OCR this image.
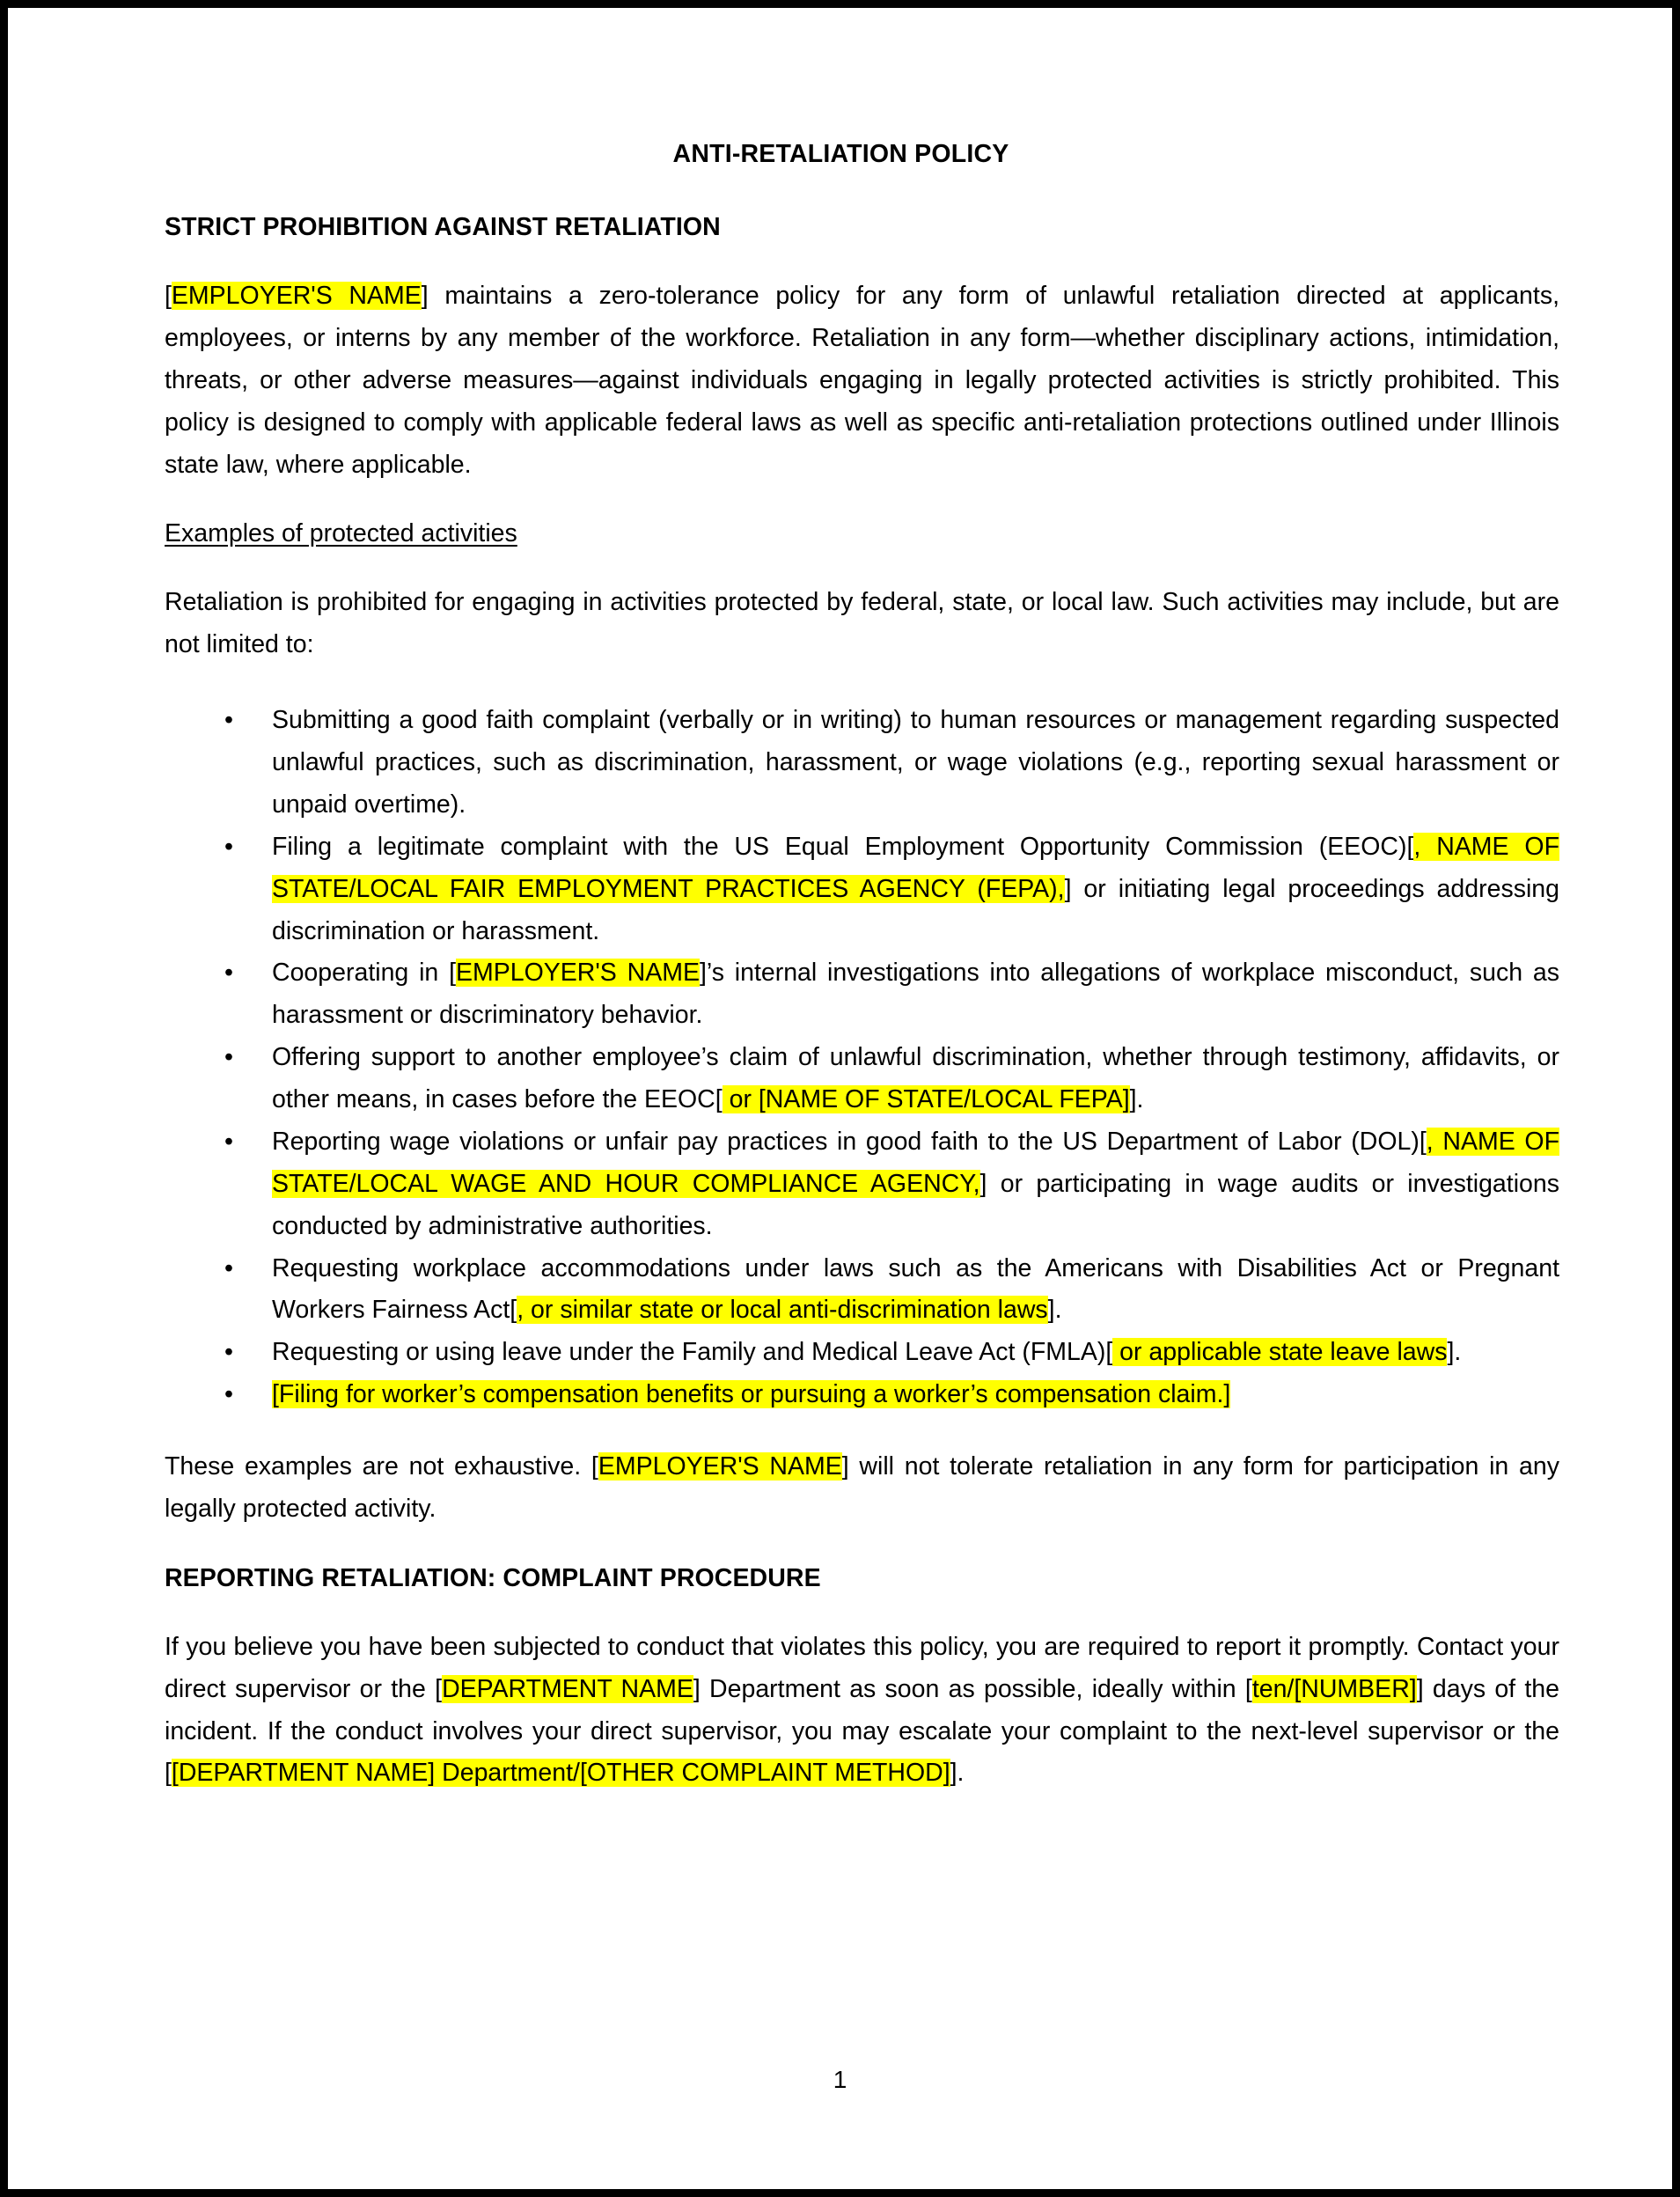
ANTI-RETALIATION POLICY
STRICT PROHIBITION AGAINST RETALIATION

[EMPLOYER'S NAME] maintains a zero-tolerance policy for any form of unlawful retaliation directed at applicants, employees, or interns by any member of the workforce. Retaliation in any form—whether disciplinary actions, intimidation, threats, or other adverse measures—against individuals engaging in legally protected activities is strictly prohibited. This policy is designed to comply with applicable federal laws as well as specific anti-retaliation protections outlined under Illinois state law, where applicable.

Examples of protected activities

Retaliation is prohibited for engaging in activities protected by federal, state, or local law. Such activities may include, but are not limited to:

• Submitting a good faith complaint (verbally or in writing) to human resources or management regarding suspected unlawful practices, such as discrimination, harassment, or wage violations (e.g., reporting sexual harassment or unpaid overtime).
• Filing a legitimate complaint with the US Equal Employment Opportunity Commission (EEOC)[, NAME OF STATE/LOCAL FAIR EMPLOYMENT PRACTICES AGENCY (FEPA),] or initiating legal proceedings addressing discrimination or harassment.
• Cooperating in [EMPLOYER'S NAME]’s internal investigations into allegations of workplace misconduct, such as harassment or discriminatory behavior.
• Offering support to another employee’s claim of unlawful discrimination, whether through testimony, affidavits, or other means, in cases before the EEOC[ or [NAME OF STATE/LOCAL FEPA]].
• Reporting wage violations or unfair pay practices in good faith to the US Department of Labor (DOL)[, NAME OF STATE/LOCAL WAGE AND HOUR COMPLIANCE AGENCY,] or participating in wage audits or investigations conducted by administrative authorities.
• Requesting workplace accommodations under laws such as the Americans with Disabilities Act or Pregnant Workers Fairness Act[, or similar state or local anti-discrimination laws].
• Requesting or using leave under the Family and Medical Leave Act (FMLA)[ or applicable state leave laws].
• [Filing for worker’s compensation benefits or pursuing a worker’s compensation claim.]

These examples are not exhaustive. [EMPLOYER'S NAME] will not tolerate retaliation in any form for participation in any legally protected activity.

REPORTING RETALIATION: COMPLAINT PROCEDURE

If you believe you have been subjected to conduct that violates this policy, you are required to report it promptly. Contact your direct supervisor or the [DEPARTMENT NAME] Department as soon as possible, ideally within [ten/[NUMBER]] days of the incident. If the conduct involves your direct supervisor, you may escalate your complaint to the next-level supervisor or the [[DEPARTMENT NAME] Department/[OTHER COMPLAINT METHOD]].

1
